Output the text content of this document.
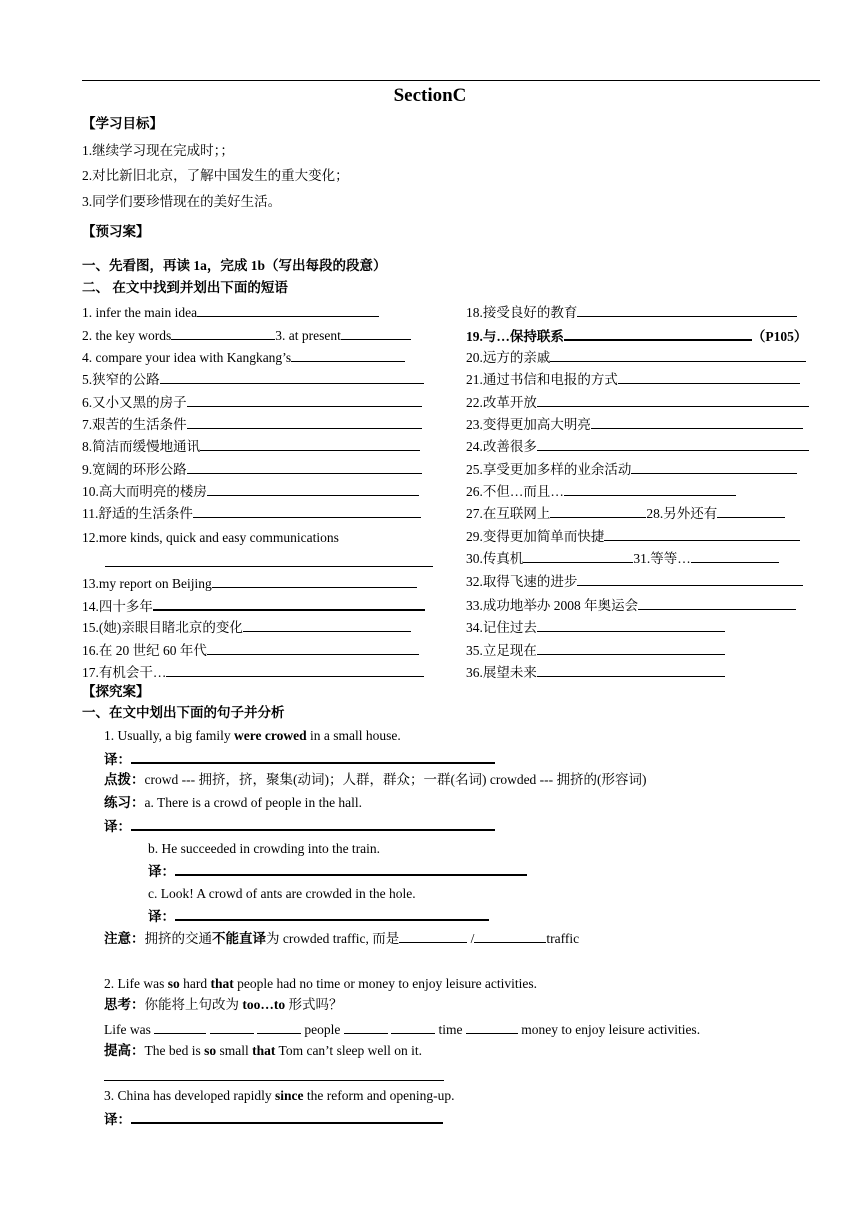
SectionC
【学习目标】
1.继续学习现在完成时；；
2.对比新旧北京，了解中国发生的重大变化；
3.同学们要珍惜现在的美好生活。
【预习案】
一、先看图，再读 1a，完成 1b（写出每段的段意）
二、 在文中找到并划出下面的短语
1. infer the main idea
2. the key words	3. at present
4. compare your idea with Kangkang’s
5.狭窄的公路
6.又小又黑的房子
7.艰苦的生活条件
8.简洁而缓慢地通讯
9.宽阔的环形公路
10.高大而明亮的楼房
11.舒适的生活条件
12.more kinds, quick and easy communications
13.my report on Beijing
14.四十多年
15.(她)亲眼目睹北京的变化
16.在 20 世纪 60 年代
17.有机会干…
18.接受良好的教育
19.与…保持联系	（P105）
20.远方的亲戚
21.通过书信和电报的方式
22.改革开放
23.变得更加高大明亮
24.改善很多
25.享受更加多样的业余活动
26.不但…而且…
27.在互联网上	28.另外还有
29.变得更加简单而快捷
30.传真机	31.等等…
32.取得飞速的进步
33.成功地举办 2008 年奥运会
34.记住过去
35.立足现在
36.展望未来
【探究案】
一、在文中划出下面的句子并分析
1. Usually, a big family were crowed in a small house.
译：
点拨：crowd --- 拥挤，挤，聚集(动词)；人群，群众；一群(名词) crowded --- 拥挤的(形容词)
练习：a. There is a crowd of people in the hall.
译：
b. He succeeded in crowding into the train.
译：
c. Look! A crowd of ants are crowded in the hole.
译：
注意：拥挤的交通不能直译为 crowded traffic, 而是	/	traffic
2. Life was so hard that people had no time or money to enjoy leisure activities.
思考：你能将上句改为 too…to 形式吗？
Life was	people	time	money to enjoy leisure activities.
提高：The bed is so small that Tom can’t sleep well on it.
3. China has developed rapidly since the reform and opening-up.
译：
